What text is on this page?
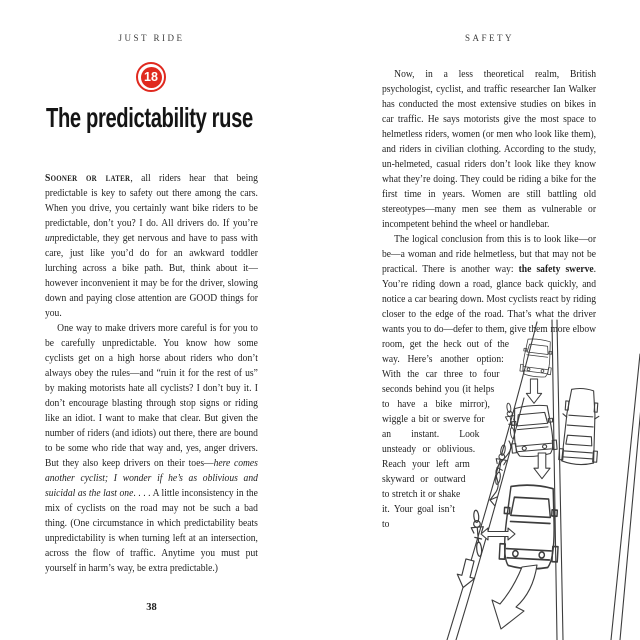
JUST RIDE
18
The predictability ruse

Sooner or later, all riders hear that being predictable is key to safety out there among the cars. When you drive, you certainly want bike riders to be predictable, don’t you? I do. All drivers do. If you’re unpredictable, they get nervous and have to pass with care, just like you’d do for an awkward toddler lurching across a bike path. But, think about it—however inconvenient it may be for the driver, slowing down and paying close attention are GOOD things for you.

One way to make drivers more careful is for you to be carefully unpredictable. You know how some cyclists get on a high horse about riders who don’t always obey the rules—and “ruin it for the rest of us” by making motorists hate all cyclists? I don’t buy it. I don’t encourage blasting through stop signs or riding like an idiot. I want to make that clear. But given the number of riders (and idiots) out there, there are bound to be some who ride that way and, yes, anger drivers. But they also keep drivers on their toes—here comes another cyclist; I wonder if he’s as oblivious and suicidal as the last one. . . . A little inconsistency in the mix of cyclists on the road may not be such a bad thing. (One circumstance in which predictability beats unpredictability is when turning left at an intersection, across the flow of traffic. Anytime you must put yourself in harm’s way, be extra predictable.)

38
SAFETY

Now, in a less theoretical realm, British psychologist, cyclist, and traffic researcher Ian Walker has conducted the most extensive studies on bikes in car traffic. He says motorists give the most space to helmetless riders, women (or men who look like them), and riders in civilian clothing. According to the study, un-helmeted, casual riders don’t look like they know what they’re doing. They could be riding a bike for the first time in years. Women are still battling old stereotypes—many men see them as vulnerable or incompetent behind the wheel or handlebar.

The logical conclusion from this is to look like—or be—a woman and ride helmetless, but that may not be practical. There is another way: the safety swerve. You’re riding down a road, glance back quickly, and notice a car bearing down. Most cyclists react by riding closer to the edge of the road. That’s what the driver wants you to do—defer to them, give them more elbow room, get the heck out of the way. Here’s another option: With the car three to four seconds behind you (it helps to have a bike mirror), wiggle a bit or swerve for an instant. Look unsteady or oblivious. Reach your left arm skyward or outward to stretch it or shake it. Your goal isn’t to
